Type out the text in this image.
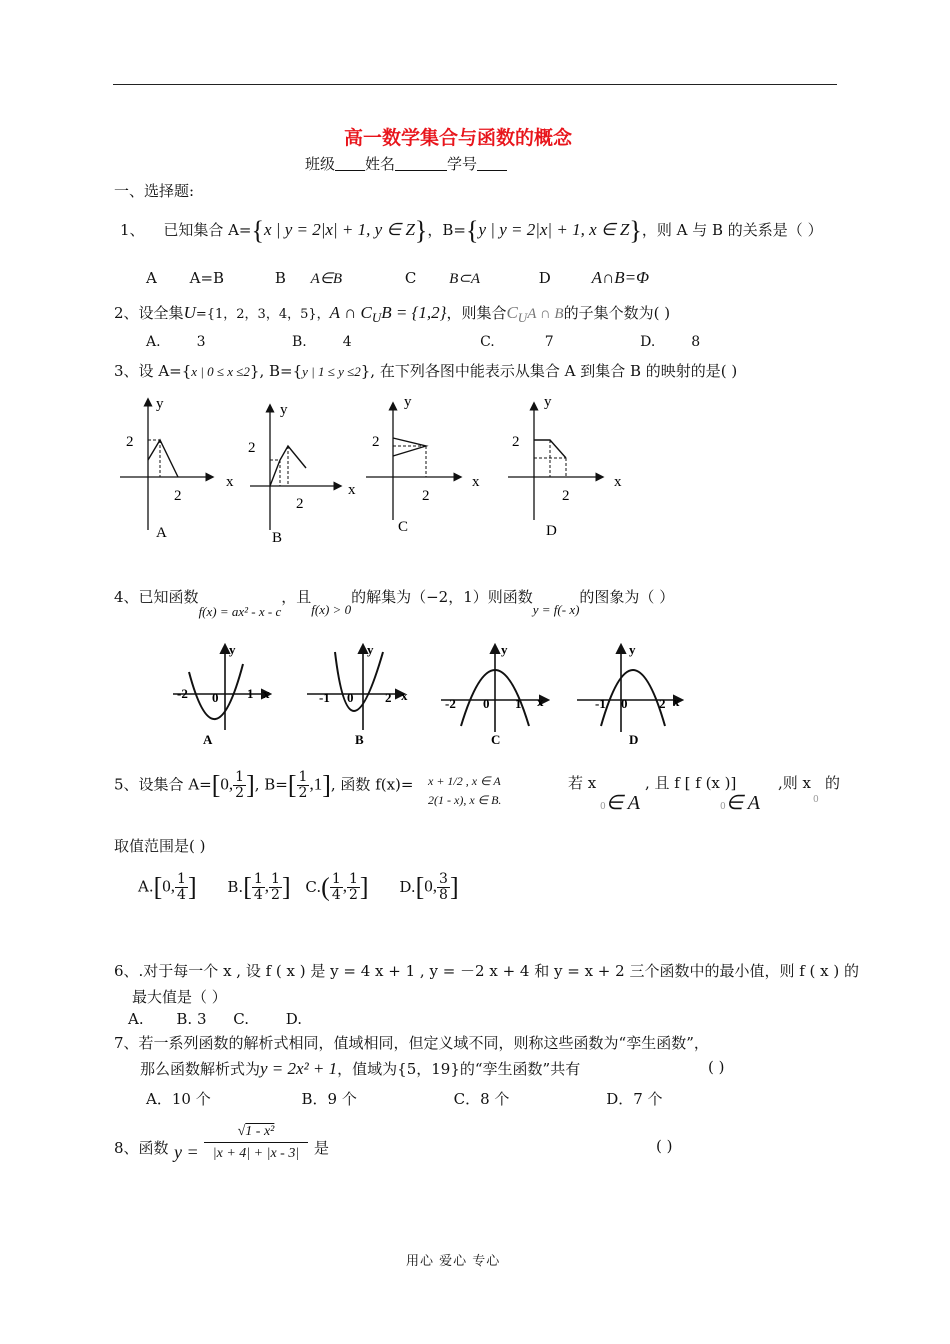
高一数学集合与函数的概念
班级 姓名	学号
一、选择题:
1、 已知集合 A={x | y = 2|x| + 1, y ∈ Z}，B={y | y = 2|x| + 1, x ∈ Z}，则 A 与 B 的关系是（ ）
A A=B	B A∈B	C B⊂A	D A∩B=Φ
2、设全集U={1，2，3，4，5}，A ∩ $C_UB = \{1,2\}$，则集合$C_UA$ ∩ B的子集个数为( )
A.	3	B.	4	C.	7	D.	8
3、设 A={x | 0 ≤ x ≤2}, B={y | 1 ≤ y ≤2}, 在下列各图中能表示从集合 A 到集合 B 的映射的是( )
y
2
x
2
A
y
2
x
2
B
y
2
x
2
C
y
2
x
2
D
4、已知函数f(x) = ax² - x - c，且f(x) > 0的解集为（−2，1）则函数y = f(- x)的图象为（ ）
y
-2 0 1 x
A
y
-1 0 2 x
B
y
-2 0 1 x
C
y
-1 0 2 x
D
5、设集合 A=[0, $\frac{1}{2}$ ], $B=[ \frac{1}{2} ,1]$, 函数 f(x)= x + 1/2 , x ∈ A
2(1 - x), x ∈ B.
若 x
0∈ A
, 且 f [ f (x )]
0∈ A
,则 x 的
0
取值范围是( )
A.[0, $\frac{1}{4}$ ] $B.[ \frac{1}{4}$ , $\frac{1}{2}$ ] $C.( \frac{1}{4}$ , $\frac{1}{2}$ ] D.[0, $\frac{3}{8}$ ]
6、.对于每一个 x , 设 f ( x ) 是 y = 4 x + 1 , y = －2 x + 4 和 y = x + 2 三个函数中的最小值，则 f ( x ) 的
最大值是（ ）
A. B. 3 C. D.
7、若一系列函数的解析式相同，值域相同，但定义域不同，则称这些函数为“孪生函数”，
那么函数解析式为y = 2x² + 1，值域为{5，19}的“孪生函数”共有	( )
A．10 个	B．9 个	C．8 个	D．7 个
8、函数 y =
√1 - x²
|x + 4| + |x - 3| 是	( )
用心 爱心 专心
